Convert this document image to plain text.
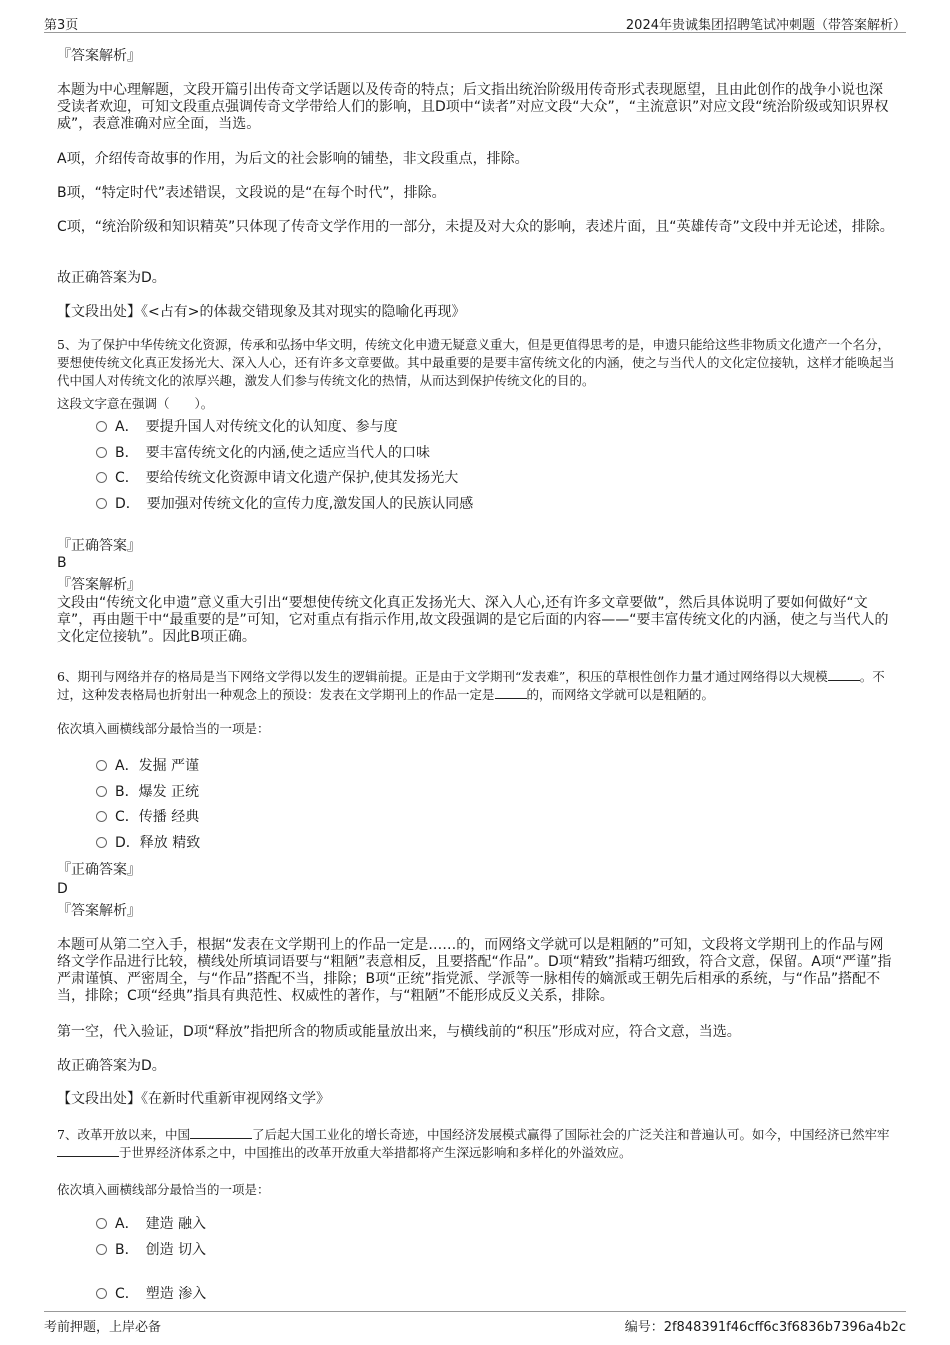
第3页	2024年贵诚集团招聘笔试冲刺题（带答案解析）

『答案解析』

本题为中心理解题，文段开篇引出传奇文学话题以及传奇的特点；后文指出统治阶级用传奇形式表现愿望，且由此创作的战争小说也深受读者欢迎，可知文段重点强调传奇文学带给人们的影响，且D项中“读者”对应文段“大众”，“主流意识”对应文段“统治阶级或知识界权威”，表意准确对应全面，当选。

A项，介绍传奇故事的作用，为后文的社会影响的铺垫，非文段重点，排除。

B项，“特定时代”表述错误，文段说的是“在每个时代”，排除。

C项，“统治阶级和知识精英”只体现了传奇文学作用的一部分，未提及对大众的影响，表述片面，且“英雄传奇”文段中并无论述，排除。

故正确答案为D。

【文段出处】《<占有>的体裁交错现象及其对现实的隐喻化再现》

5、为了保护中华传统文化资源，传承和弘扬中华文明，传统文化申遗无疑意义重大，但是更值得思考的是，申遗只能给这些非物质文化遗产一个名分，要想使传统文化真正发扬光大、深入人心，还有许多文章要做。其中最重要的是要丰富传统文化的内涵，使之与当代人的文化定位接轨，这样才能唤起当代中国人对传统文化的浓厚兴趣，激发人们参与传统文化的热情，从而达到保护传统文化的目的。

这段文字意在强调（　　）。

A．　要提升国人对传统文化的认知度、参与度
B．　要丰富传统文化的内涵,使之适应当代人的口味
C．　要给传统文化资源申请文化遗产保护,使其发扬光大
D．　要加强对传统文化的宣传力度,激发国人的民族认同感

『正确答案』

B

『答案解析』

文段由“传统文化申遗”意义重大引出“要想使传统文化真正发扬光大、深入人心,还有许多文章要做”，然后具体说明了要如何做好“文章”，再由题干中“最重要的是”可知，它对重点有指示作用,故文段强调的是它后面的内容——“要丰富传统文化的内涵，使之与当代人的文化定位接轨”。因此B项正确。

6、期刊与网络并存的格局是当下网络文学得以发生的逻辑前提。正是由于文学期刊“发表难”，积压的草根性创作力量才通过网络得以大规模	。不过，这种发表格局也折射出一种观念上的预设：发表在文学期刊上的作品一定是	的，而网络文学就可以是粗陋的。

依次填入画横线部分最恰当的一项是：

A．发掘 严谨
B．爆发 正统
C．传播 经典
D．释放 精致

『正确答案』

D

『答案解析』

本题可从第二空入手，根据“发表在文学期刊上的作品一定是……的，而网络文学就可以是粗陋的”可知，文段将文学期刊上的作品与网络文学作品进行比较，横线处所填词语要与“粗陋”表意相反，且要搭配“作品”。D项“精致”指精巧细致，符合文意，保留。A项“严谨”指严肃谨慎、严密周全，与“作品”搭配不当，排除；B项“正统”指党派、学派等一脉相传的嫡派或王朝先后相承的系统，与“作品”搭配不当，排除；C项“经典”指具有典范性、权威性的著作，与“粗陋”不能形成反义关系，排除。

第一空，代入验证，D项“释放”指把所含的物质或能量放出来，与横线前的“积压”形成对应，符合文意，当选。

故正确答案为D。

【文段出处】《在新时代重新审视网络文学》

7、改革开放以来，中国	了后起大国工业化的增长奇迹，中国经济发展模式赢得了国际社会的广泛关注和普遍认可。如今，中国经济已然牢牢于世界经济体系之中，中国推出的改革开放重大举措都将产生深远影响和多样化的外溢效应。

依次填入画横线部分最恰当的一项是：

A．　建造 融入
B．　创造 切入
C．　塑造 渗入
考前押题，上岸必备	编号：2f848391f46cff6c3f6836b7396a4b2c
